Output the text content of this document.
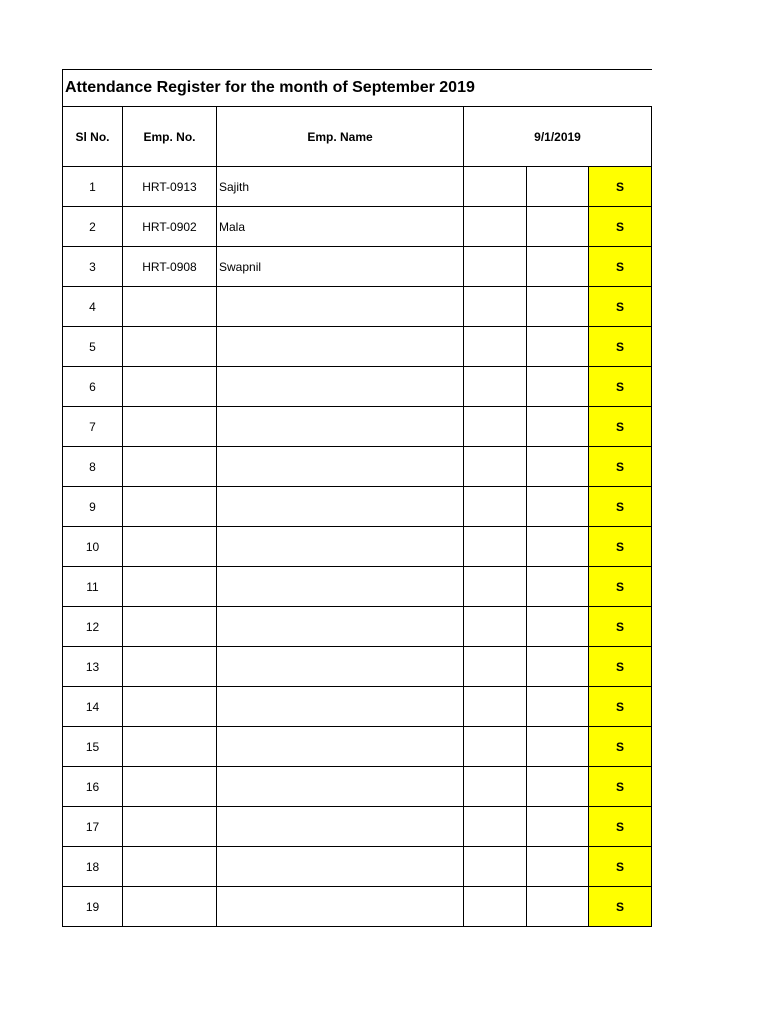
Attendance Register for the month of September 2019
Sl No.	Emp. No.	Emp. Name	9/1/2019		
1	HRT-0913	Sajith			S
2	HRT-0902	Mala			S
3	HRT-0908	Swapnil			S
4					S
5					S
6					S
7					S
8					S
9					S
10					S
11					S
12					S
13					S
14					S
15					S
16					S
17					S
18					S
19					S
